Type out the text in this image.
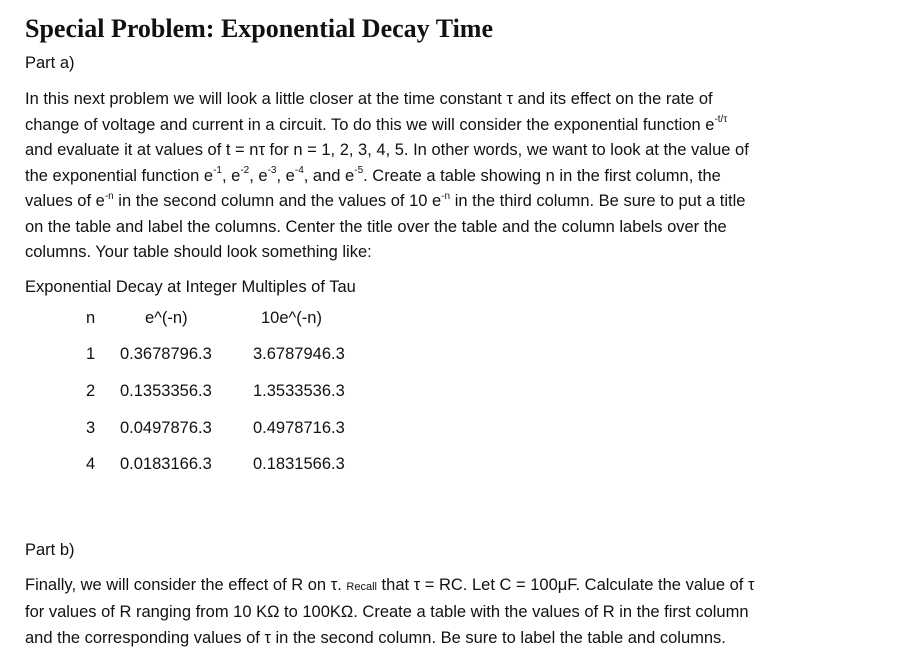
Special Problem: Exponential Decay Time

Part a)

In this next problem we will look a little closer at the time constant τ and its effect on the rate of
change of voltage and current in a circuit. To do this we will consider the exponential function $e^{-t/\tau}$
and evaluate it at values of t = nτ for n = 1, 2, 3, 4, 5. In other words, we want to look at the value of
the exponential function $e^{-1}$, $e^{-2}$, $e^{-3}$, $e^{-4}$, and $e^{-5}$. Create a table showing n in the first column, the
values of $e^{-n}$ in the second column and the values of 10 $e^{-n}$ in the third column. Be sure to put a title
on the table and label the columns. Center the title over the table and the column labels over the
columns. Your table should look something like:

Exponential Decay at Integer Multiples of Tau

n	e^(-n)	10e^(-n)
1 0.3678796.3 3.6787946.3
2 0.1353356.3 1.3533536.3
3 0.0497876.3 0.4978716.3
4 0.0183166.3 0.1831566.3

Part b)

Finally, we will consider the effect of R on τ. Recall that τ = RC. Let C = 100μF. Calculate the value of τ
for values of R ranging from 10 KΩ to 100KΩ. Create a table with the values of R in the first column
and the corresponding values of τ in the second column. Be sure to label the table and columns.
